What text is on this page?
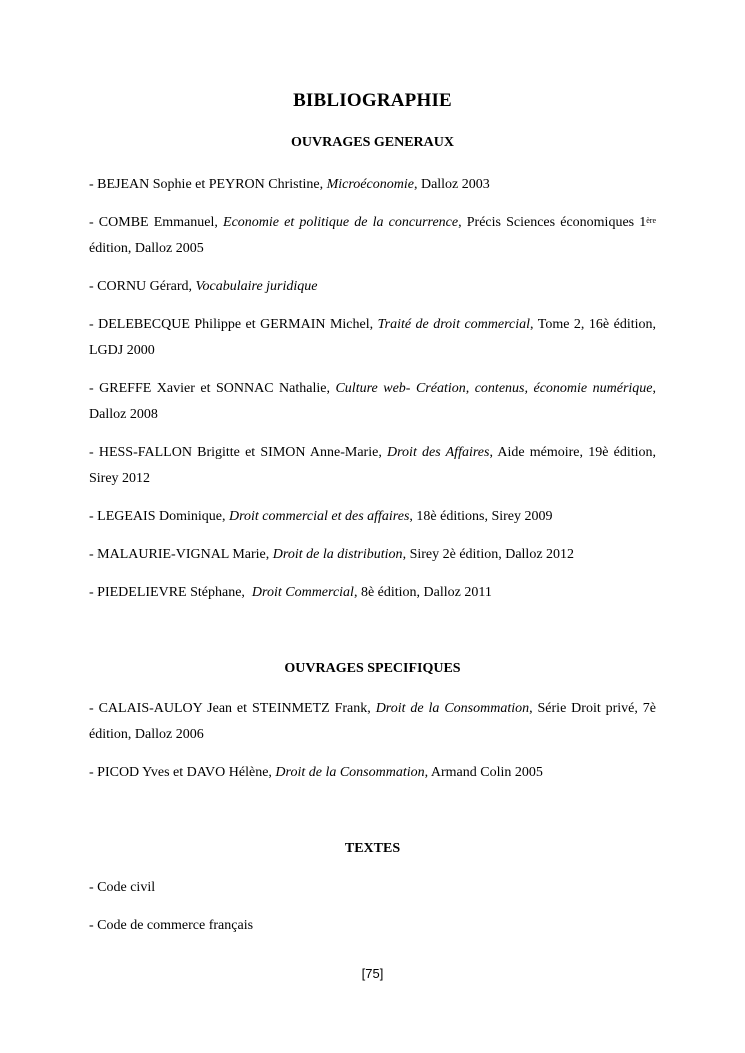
BIBLIOGRAPHIE
OUVRAGES GENERAUX

- BEJEAN Sophie et PEYRON Christine, Microéconomie, Dalloz 2003

- COMBE Emmanuel, Economie et politique de la concurrence, Précis Sciences économiques 1ère édition, Dalloz 2005

- CORNU Gérard, Vocabulaire juridique

- DELEBECQUE Philippe et GERMAIN Michel, Traité de droit commercial, Tome 2, 16è édition, LGDJ 2000

- GREFFE Xavier et SONNAC Nathalie, Culture web- Création, contenus, économie numérique, Dalloz 2008

- HESS-FALLON Brigitte et SIMON Anne-Marie, Droit des Affaires, Aide mémoire, 19è édition, Sirey 2012

- LEGEAIS Dominique, Droit commercial et des affaires, 18è éditions, Sirey 2009

- MALAURIE-VIGNAL Marie, Droit de la distribution, Sirey 2è édition, Dalloz 2012

- PIEDELIEVRE Stéphane,  Droit Commercial, 8è édition, Dalloz 2011

OUVRAGES SPECIFIQUES

- CALAIS-AULOY Jean et STEINMETZ Frank, Droit de la Consommation, Série Droit privé, 7è édition, Dalloz 2006

- PICOD Yves et DAVO Hélène, Droit de la Consommation, Armand Colin 2005

TEXTES

- Code civil

- Code de commerce français

[75]
